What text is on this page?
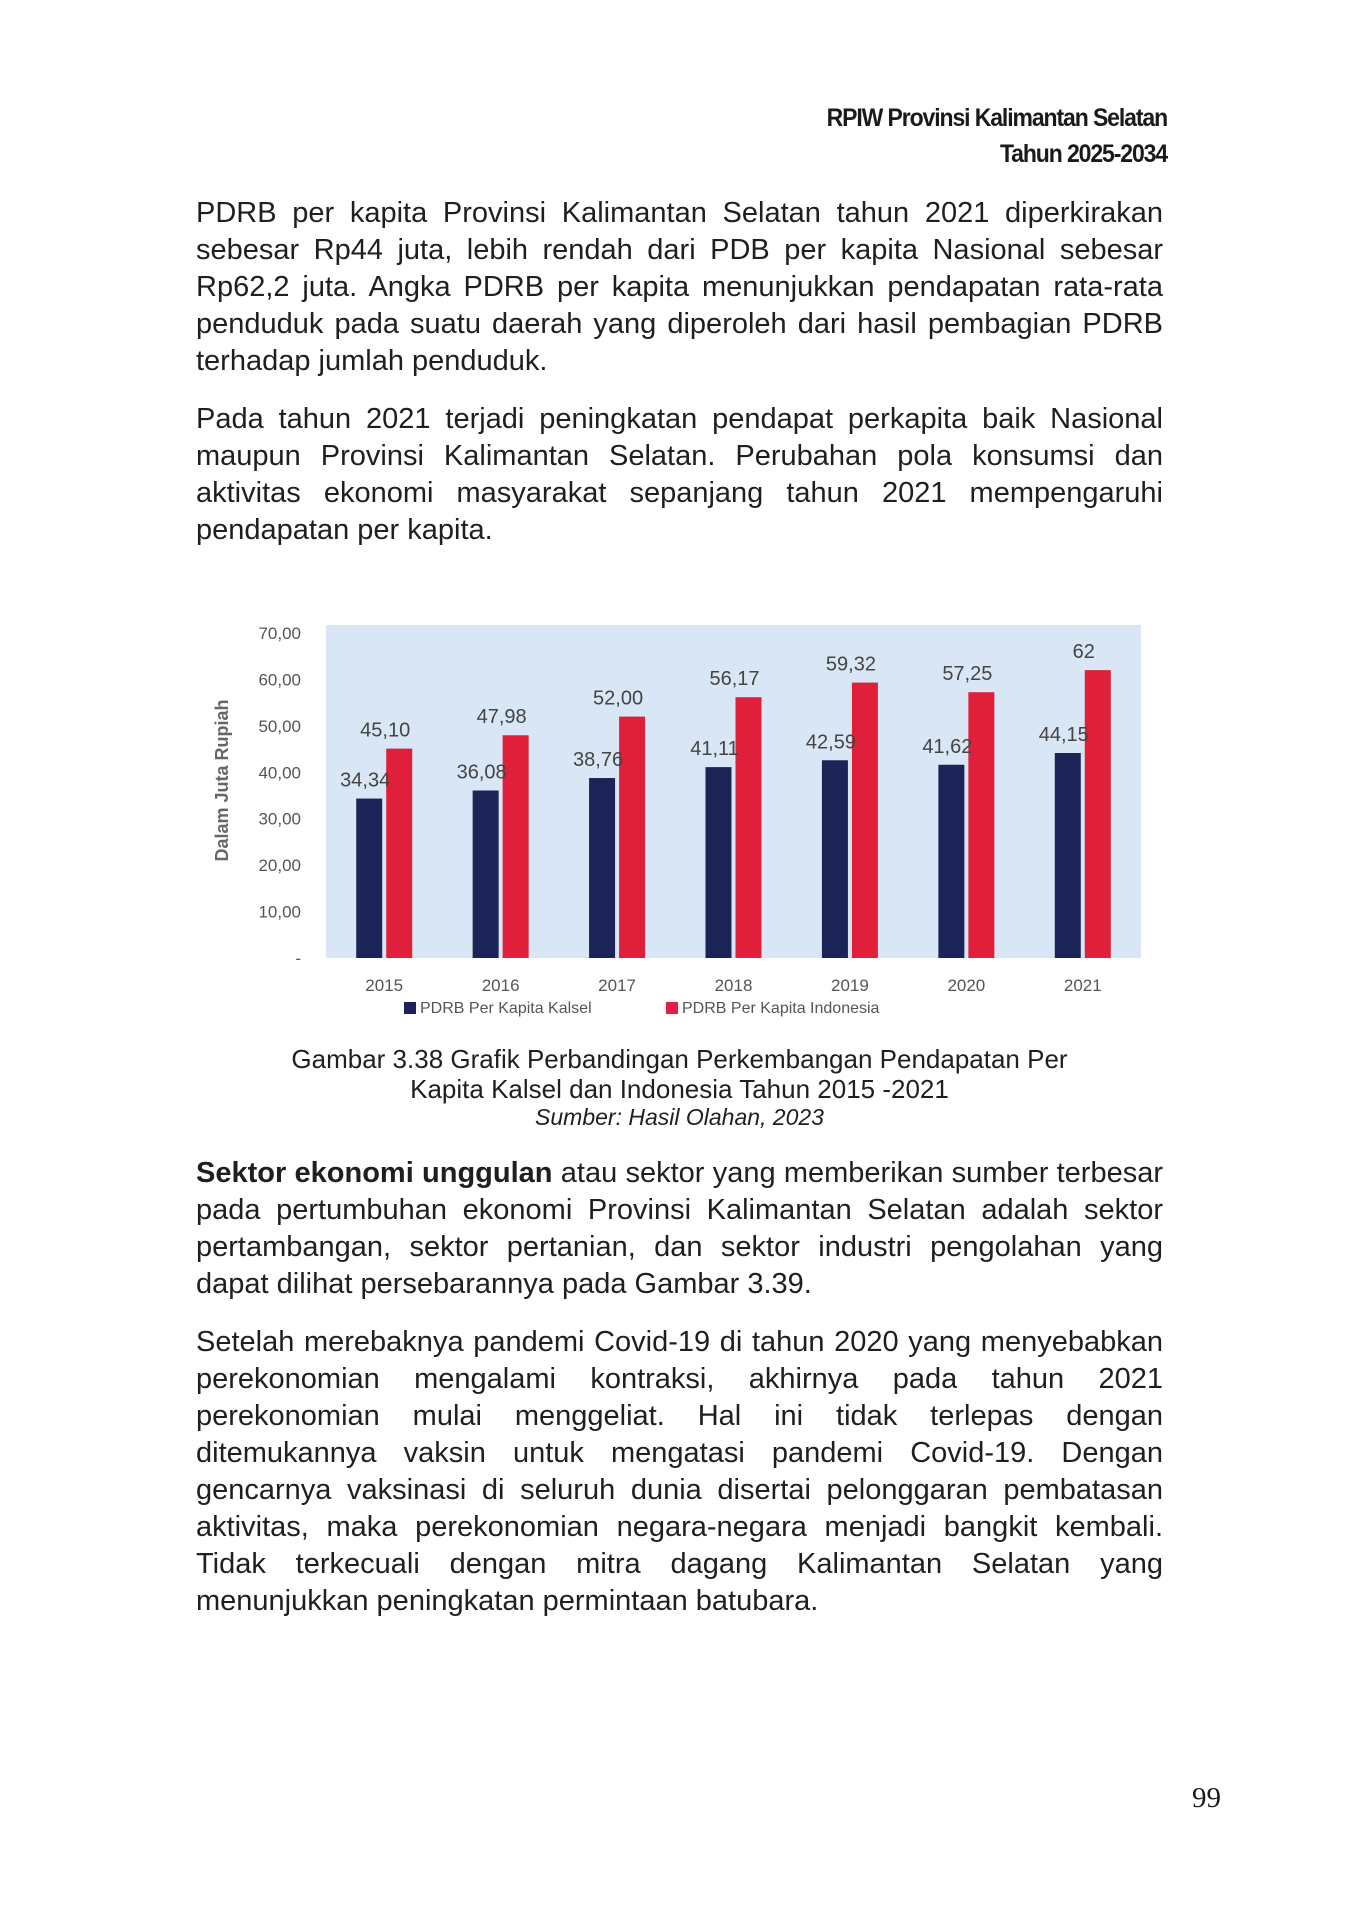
RPIW Provinsi Kalimantan Selatan
Tahun 2025-2034

PDRB per kapita Provinsi Kalimantan Selatan tahun 2021 diperkirakan sebesar Rp44 juta, lebih rendah dari PDB per kapita Nasional sebesar Rp62,2 juta. Angka PDRB per kapita menunjukkan pendapatan rata-rata penduduk pada suatu daerah yang diperoleh dari hasil pembagian PDRB terhadap jumlah penduduk.

Pada tahun 2021 terjadi peningkatan pendapat perkapita baik Nasional maupun Provinsi Kalimantan Selatan. Perubahan pola konsumsi dan aktivitas ekonomi masyarakat sepanjang tahun 2021 mempengaruhi pendapatan per kapita.

-
10,00
20,00
30,00
40,00
50,00
60,00
70,00
Dalam Juta Rupiah	34,34
45,10
2015
36,08
47,98
2016
38,76
52,00
2017
41,11
56,17
2018
42,59
59,32
2019
41,62
57,25
2020
44,15
62
2021
PDRB Per Kapita Kalsel	PDRB Per Kapita Indonesia
Gambar 3.38 Grafik Perbandingan Perkembangan Pendapatan Per
Kapita Kalsel dan Indonesia Tahun 2015 -2021
Sumber: Hasil Olahan, 2023

Sektor ekonomi unggulan atau sektor yang memberikan sumber terbesar pada pertumbuhan ekonomi Provinsi Kalimantan Selatan adalah sektor pertambangan, sektor pertanian, dan sektor industri pengolahan yang dapat dilihat persebarannya pada Gambar 3.39.

Setelah merebaknya pandemi Covid-19 di tahun 2020 yang menyebabkan perekonomian mengalami kontraksi, akhirnya pada tahun 2021 perekonomian mulai menggeliat. Hal ini tidak terlepas dengan ditemukannya vaksin untuk mengatasi pandemi Covid-19. Dengan gencarnya vaksinasi di seluruh dunia disertai pelonggaran pembatasan aktivitas, maka perekonomian negara-negara menjadi bangkit kembali. Tidak terkecuali dengan mitra dagang Kalimantan Selatan yang menunjukkan peningkatan permintaan batubara.

99
